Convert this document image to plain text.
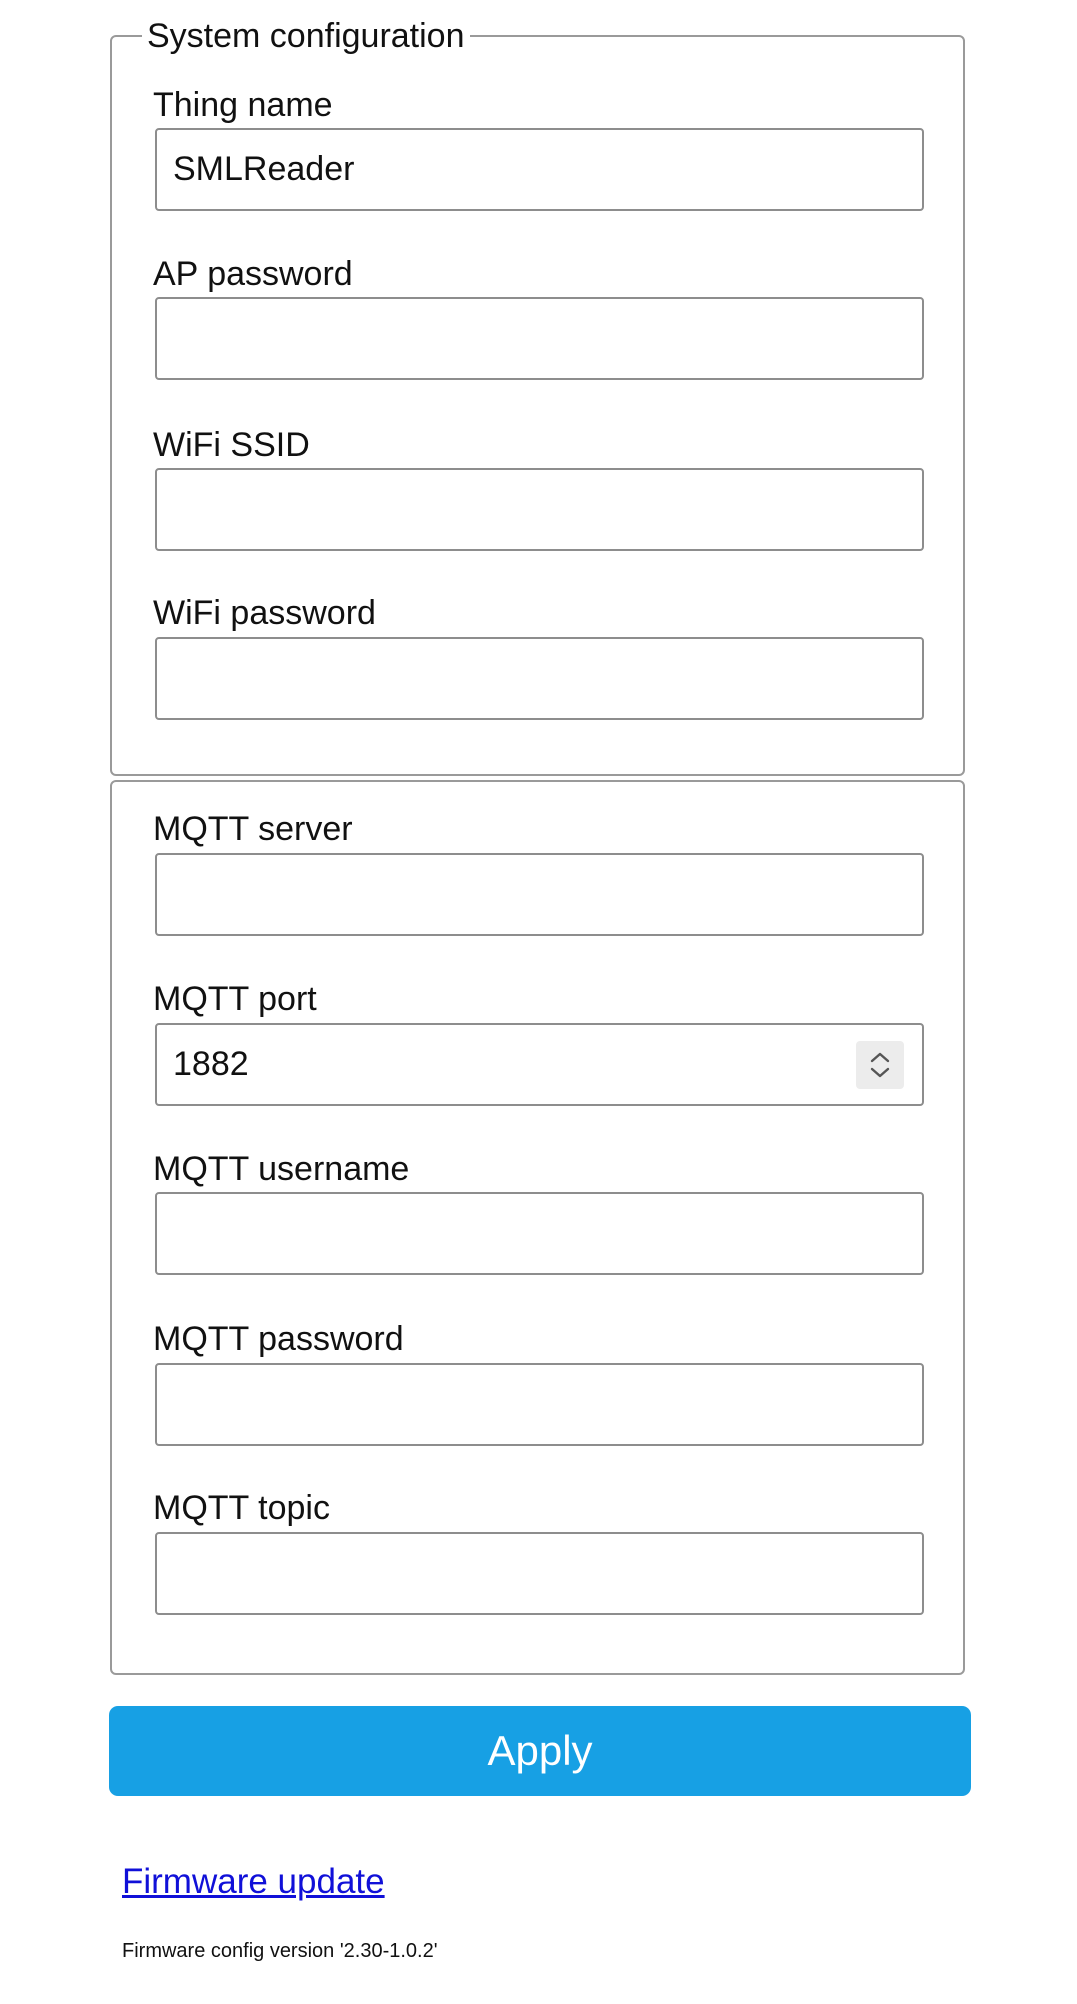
System configuration
Thing name
SMLReader
AP password
WiFi SSID
WiFi password
MQTT server
MQTT port
1882
MQTT username
MQTT password
MQTT topic
Apply
Firmware update
Firmware config version '2.30-1.0.2'
